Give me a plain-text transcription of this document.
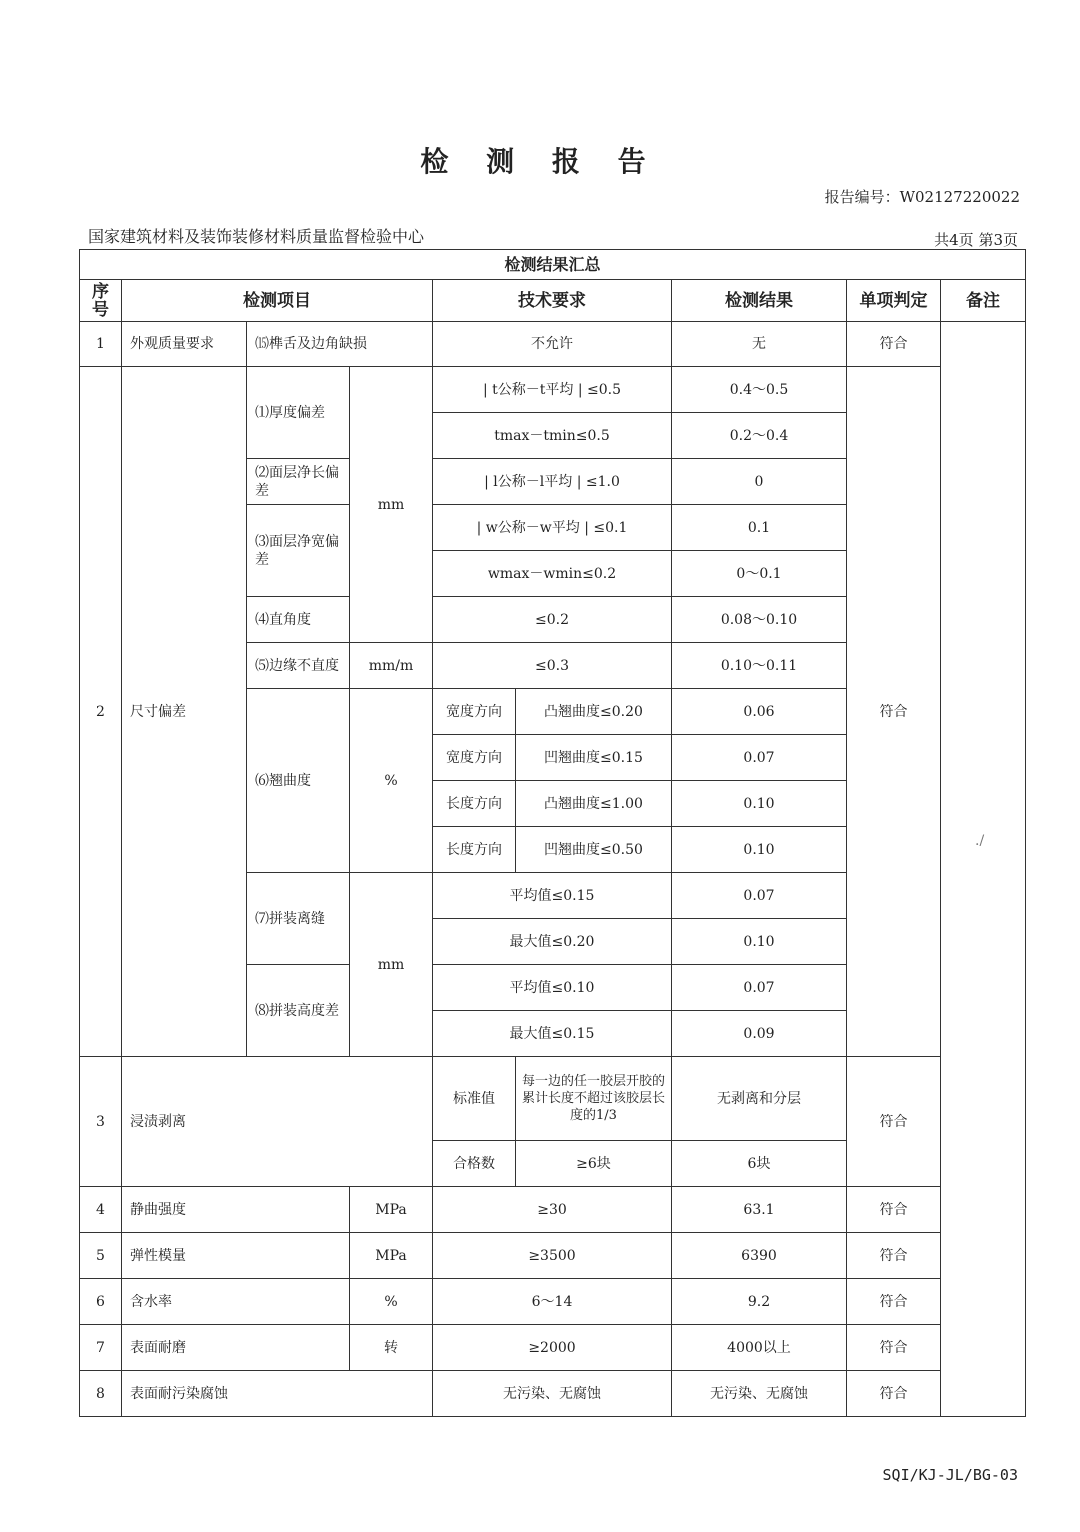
检 测 报 告
报告编号：W02127220022
国家建筑材料及装饰装修材料质量监督检验中心	共4页 第3页
检测结果汇总								
序号	检测项目			技术要求		检测结果	单项判定	备注
1	外观质量要求	⒂榫舌及边角缺损		不允许		无	符合	./

2	尺寸偏差	⑴厚度偏差	mm	| t公称－t平均 | ≤0.5		0.4～0.5	符合	
				tmax－tmin≤0.5		0.2～0.4		
		⑵面层净长偏差		| l公称－l平均 | ≤1.0		0		
		⑶面层净宽偏差		| w公称－w平均 | ≤0.1		0.1		
				wmax－wmin≤0.2		0～0.1		
		⑷直角度		≤0.2		0.08～0.10		
		⑸边缘不直度	mm/m	≤0.3		0.10～0.11		
		⑹翘曲度	%	宽度方向	凸翘曲度≤0.20	0.06		
				宽度方向	凹翘曲度≤0.15	0.07		
				长度方向	凸翘曲度≤1.00	0.10		
				长度方向	凹翘曲度≤0.50	0.10		
		⑺拼装离缝	mm	平均值≤0.15		0.07		
				最大值≤0.20		0.10		
		⑻拼装高度差		平均值≤0.10		0.07		
				最大值≤0.15		0.09		
3	浸渍剥离			标准值	每一边的任一胶层开胶的累计长度不超过该胶层长度的1/3	无剥离和分层	符合	
				合格数	≥6块	6块		
4	静曲强度		MPa	≥30		63.1	符合	
5	弹性模量		MPa	≥3500		6390	符合	
6	含水率		%	6～14		9.2	符合	
7	表面耐磨		转	≥2000		4000以上	符合	
8	表面耐污染腐蚀			无污染、无腐蚀		无污染、无腐蚀	符合	
SQI/KJ-JL/BG-03
